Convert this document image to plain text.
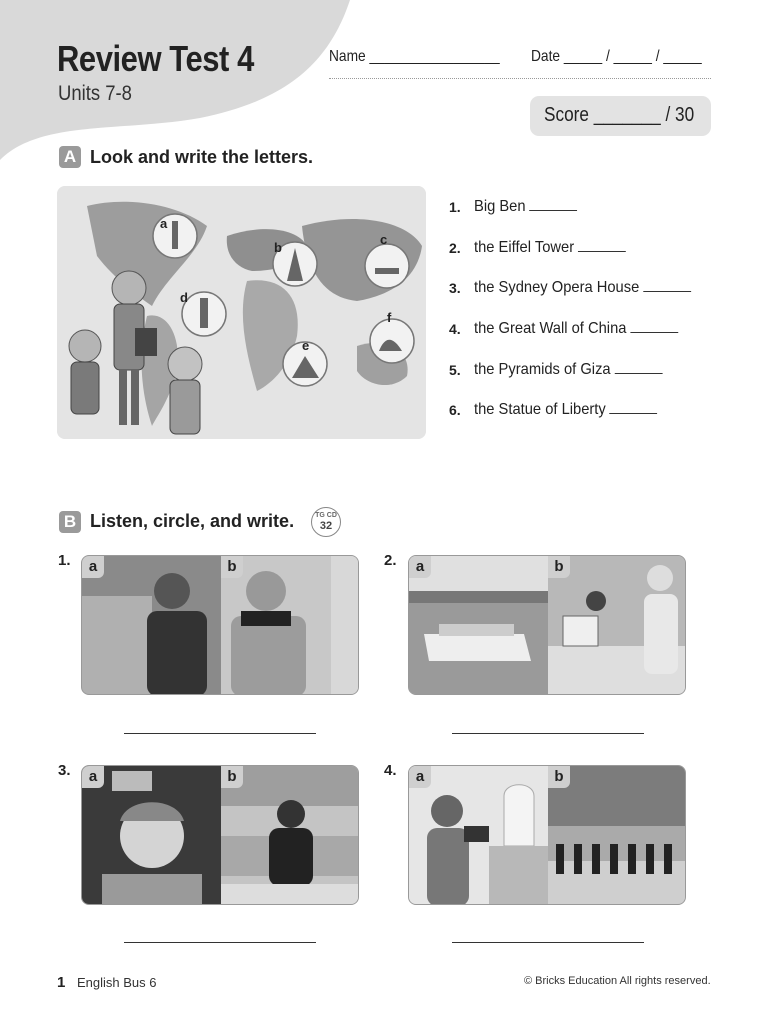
Review Test 4
Units 7-8
Name _________________ Date _____ / _____ / _____
Score _______ / 30
A Look and write the letters.
a
b
c
d
e
f
1. Big Ben
2. the Eiffel Tower
3. the Sydney Opera House
4. the Great Wall of China
5. the Pyramids of Giza
6. the Statue of Liberty
B Listen, circle, and write.	TG CD
32
1.	a	b	2.	a	b
3.	a	b	4.	a	b
1 English Bus 6	© Bricks Education All rights reserved.
